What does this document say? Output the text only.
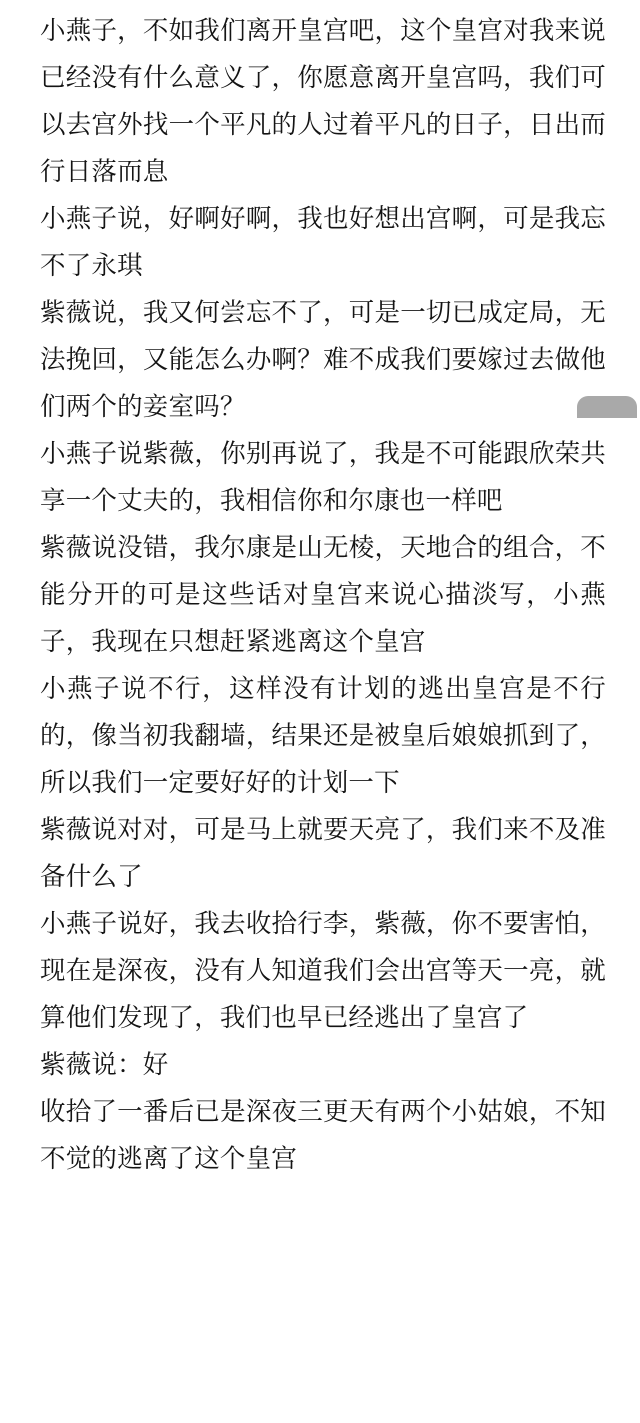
小燕子，不如我们离开皇宫吧，这个皇宫对我来说已经没有什么意义了，你愿意离开皇宫吗，我们可以去宫外找一个平凡的人过着平凡的日子，日出而行日落而息

小燕子说，好啊好啊，我也好想出宫啊，可是我忘不了永琪

紫薇说，我又何尝忘不了，可是一切已成定局，无法挽回，又能怎么办啊？难不成我们要嫁过去做他们两个的妾室吗？

小燕子说紫薇，你别再说了，我是不可能跟欣荣共享一个丈夫的，我相信你和尔康也一样吧

紫薇说没错，我尔康是山无棱，天地合的组合，不能分开的可是这些话对皇宫来说心描淡写，小燕子，我现在只想赶紧逃离这个皇宫

小燕子说不行，这样没有计划的逃出皇宫是不行的，像当初我翻墙，结果还是被皇后娘娘抓到了，所以我们一定要好好的计划一下

紫薇说对对，可是马上就要天亮了，我们来不及准备什么了

小燕子说好，我去收拾行李，紫薇，你不要害怕，现在是深夜，没有人知道我们会出宫等天一亮，就算他们发现了，我们也早已经逃出了皇宫了

紫薇说：好

收拾了一番后已是深夜三更天有两个小姑娘，不知不觉的逃离了这个皇宫
